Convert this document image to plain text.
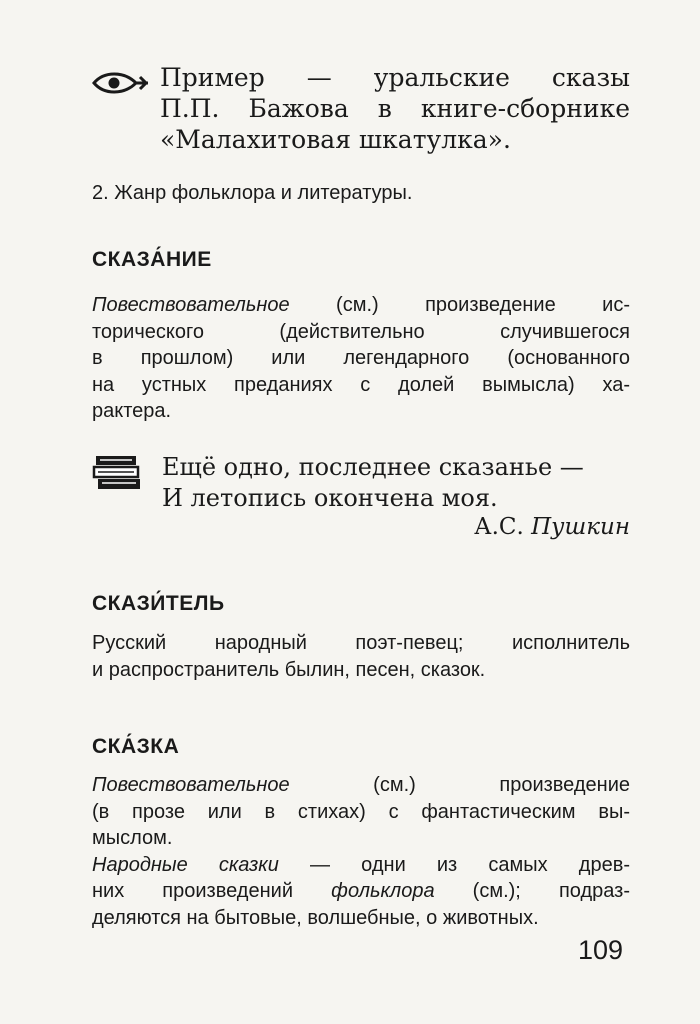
Пример — уральские сказы
П.П. Бажова в книге-сборнике
«Малахитовая шкатулка».
2. Жанр фольклора и литературы.
СКАЗА́НИЕ
Повествовательное (см.) произведение ис-
торического (действительно случившегося
в прошлом) или легендарного (основанного
на устных преданиях с долей вымысла) ха-
рактера.
Ещё одно, последнее сказанье —
И летопись окончена моя.
А.С. Пушкин
СКАЗИ́ТЕЛЬ
Русский народный поэт-певец; исполнитель
и распространитель былин, песен, сказок.
СКА́ЗКА
Повествовательное (см.) произведение
(в прозе или в стихах) с фантастическим вы-
мыслом.
Народные сказки — одни из самых древ-
них произведений фольклора (см.); подраз-
деляются на бытовые, волшебные, о животных.
109
